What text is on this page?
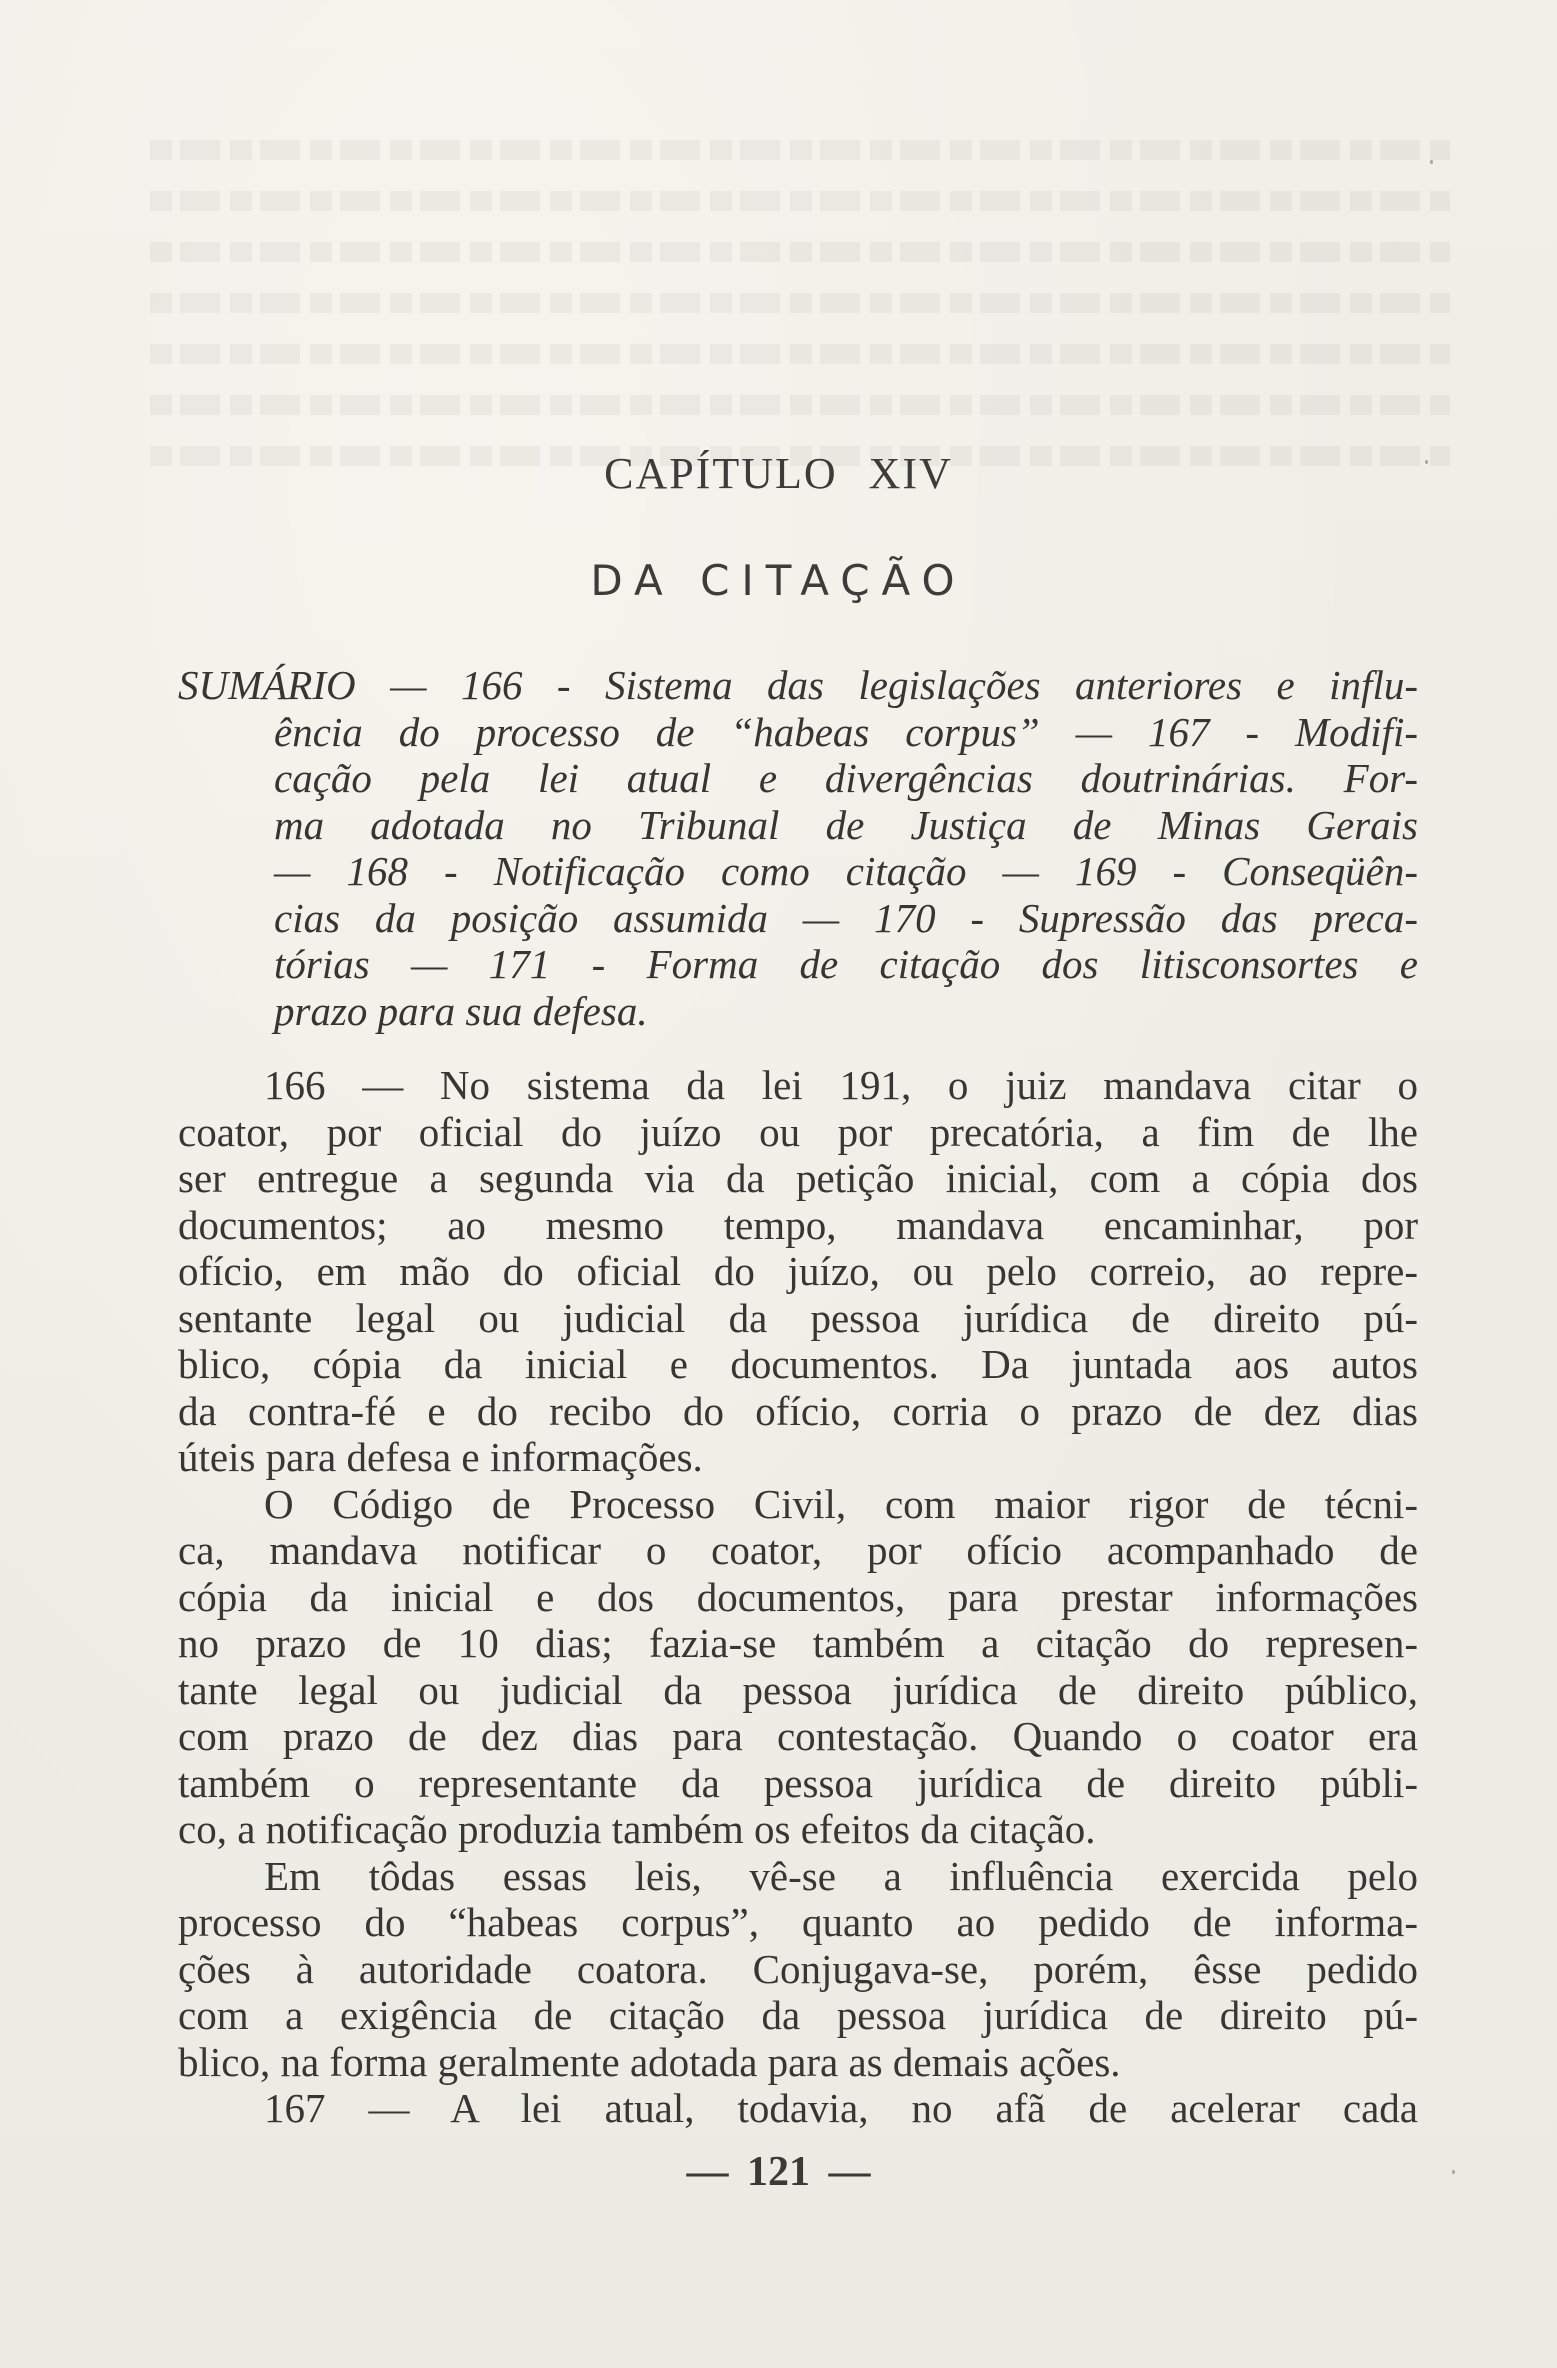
CAPÍTULO XIV
DA CITAÇÃO
SUMÁRIO — 166 - Sistema das legislações anteriores e influ-
ência do processo de “habeas corpus” — 167 - Modifi-
cação pela lei atual e divergências doutrinárias. For-
ma adotada no Tribunal de Justiça de Minas Gerais
— 168 - Notificação como citação — 169 - Conseqüên-
cias da posição assumida — 170 - Supressão das preca-
tórias — 171 - Forma de citação dos litisconsortes e
prazo para sua defesa.
166 — No sistema da lei 191, o juiz mandava citar o
coator, por oficial do juízo ou por precatória, a fim de lhe
ser entregue a segunda via da petição inicial, com a cópia dos
documentos; ao mesmo tempo, mandava encaminhar, por
ofício, em mão do oficial do juízo, ou pelo correio, ao repre-
sentante legal ou judicial da pessoa jurídica de direito pú-
blico, cópia da inicial e documentos. Da juntada aos autos
da contra-fé e do recibo do ofício, corria o prazo de dez dias
úteis para defesa e informações.
O Código de Processo Civil, com maior rigor de técni-
ca, mandava notificar o coator, por ofício acompanhado de
cópia da inicial e dos documentos, para prestar informações
no prazo de 10 dias; fazia-se também a citação do represen-
tante legal ou judicial da pessoa jurídica de direito público,
com prazo de dez dias para contestação. Quando o coator era
também o representante da pessoa jurídica de direito públi-
co, a notificação produzia também os efeitos da citação.
Em tôdas essas leis, vê-se a influência exercida pelo
processo do “habeas corpus”, quanto ao pedido de informa-
ções à autoridade coatora. Conjugava-se, porém, êsse pedido
com a exigência de citação da pessoa jurídica de direito pú-
blico, na forma geralmente adotada para as demais ações.
167 — A lei atual, todavia, no afã de acelerar cada
— 121 —
